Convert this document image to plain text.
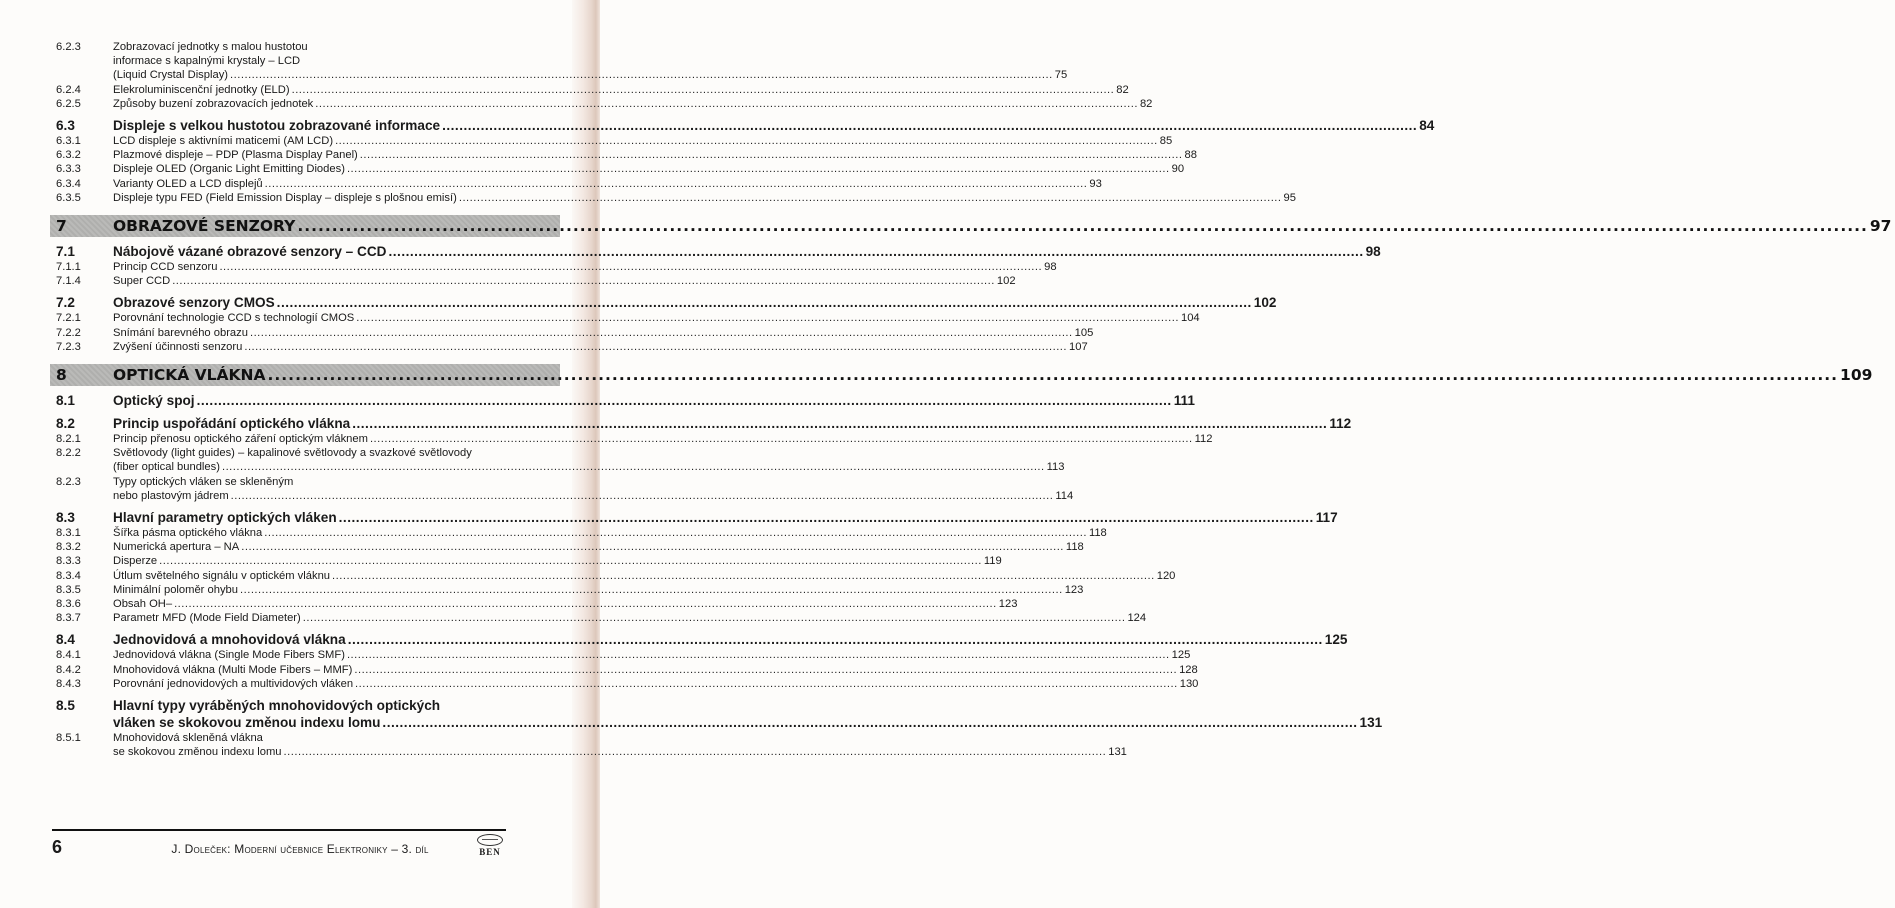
6.2.3	Zobrazovací jednotky s malou hustotou
informace s kapalnými krystaly – LCD
(Liquid Crystal Display) .....	75
6.2.4	Elekroluminiscenční jednotky (ELD) .....	82
6.2.5	Způsoby buzení zobrazovacích jednotek .....	82
6.3	Displeje s velkou hustotou zobrazované informace .....	84
6.3.1	LCD displeje s aktivními maticemi (AM LCD) .....	85
6.3.2	Plazmové displeje – PDP (Plasma Display Panel) .....	88
6.3.3	Displeje OLED (Organic Light Emitting Diodes) .....	90
6.3.4	Varianty OLED a LCD displejů .....	93
6.3.5	Displeje typu FED (Field Emission Display – displeje s plošnou emisí) .....	95
7	OBRAZOVÉ SENZORY .....	97
7.1	Nábojově vázané obrazové senzory – CCD .....	98
7.1.1	Princip CCD senzoru .....	98
7.1.4	Super CCD .....	102
7.2	Obrazové senzory CMOS .....	102
7.2.1	Porovnání technologie CCD s technologií CMOS .....	104
7.2.2	Snímání barevného obrazu .....	105
7.2.3	Zvýšení účinnosti senzoru .....	107
8	OPTICKÁ VLÁKNA .....	109
8.1	Optický spoj .....	111
8.2	Princip uspořádání optického vlákna .....	112
8.2.1	Princip přenosu optického záření optickým vláknem .....	112
8.2.2	Světlovody (light guides) – kapalinové světlovody a svazkové světlovody
(fiber optical bundles) .....	113
8.2.3	Typy optických vláken se skleněným
nebo plastovým jádrem .....	114
8.3	Hlavní parametry optických vláken .....	117
8.3.1	Šířka pásma optického vlákna .....	118
8.3.2	Numerická apertura – NA .....	118
8.3.3	Disperze .....	119
8.3.4	Útlum světelného signálu v optickém vláknu .....	120
8.3.5	Minimální poloměr ohybu .....	123
8.3.6	Obsah OH– .....	123
8.3.7	Parametr MFD (Mode Field Diameter) .....	124
8.4	Jednovidová a mnohovidová vlákna .....	125
8.4.1	Jednovidová vlákna (Single Mode Fibers SMF) .....	125
8.4.2	Mnohovidová vlákna (Multi Mode Fibers – MMF) .....	128
8.4.3	Porovnání jednovidových a multividových vláken .....	130
8.5	Hlavní typy vyráběných mnohovidových optických
vláken se skokovou změnou indexu lomu .....	131
8.5.1	Mnohovidová skleněná vlákna
se skokovou změnou indexu lomu .....	131
6	J. Doleček: Moderní učebnice Elektroniky – 3. díl	BEN
